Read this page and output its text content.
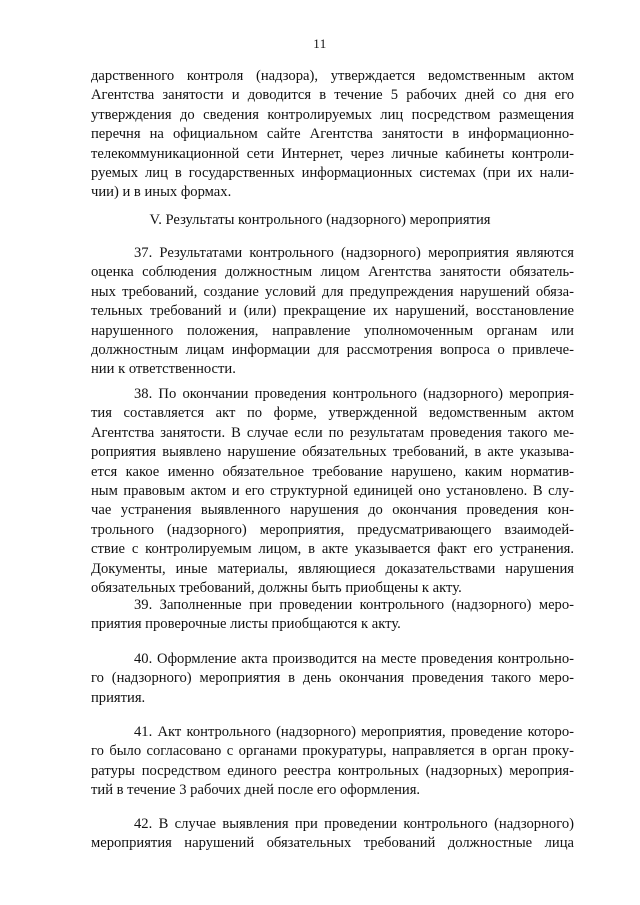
11
дарственного контроля (надзора), утверждается ведомственным актом
Агентства занятости и доводится в течение 5 рабочих дней со дня его
утверждения до сведения контролируемых лиц посредством размещения
перечня на официальном сайте Агентства занятости в информационно-
телекоммуникационной сети Интернет, через личные кабинеты контроли-
руемых лиц в государственных информационных системах (при их нали-
чии) и в иных формах.
V. Результаты контрольного (надзорного) мероприятия
37. Результатами контрольного (надзорного) мероприятия являются
оценка соблюдения должностным лицом Агентства занятости обязатель-
ных требований, создание условий для предупреждения нарушений обяза-
тельных требований и (или) прекращение их нарушений, восстановление
нарушенного положения, направление уполномоченным органам или
должностным лицам информации для рассмотрения вопроса о привлече-
нии к ответственности.
38. По окончании проведения контрольного (надзорного) мероприя-
тия составляется акт по форме, утвержденной ведомственным актом
Агентства занятости. В случае если по результатам проведения такого ме-
роприятия выявлено нарушение обязательных требований, в акте указыва-
ется какое именно обязательное требование нарушено, каким норматив-
ным правовым актом и его структурной единицей оно установлено. В слу-
чае устранения выявленного нарушения до окончания проведения кон-
трольного (надзорного) мероприятия, предусматривающего взаимодей-
ствие с контролируемым лицом, в акте указывается факт его устранения.
Документы, иные материалы, являющиеся доказательствами нарушения
обязательных требований, должны быть приобщены к акту.
39. Заполненные при проведении контрольного (надзорного) меро-
приятия проверочные листы приобщаются к акту.
40. Оформление акта производится на месте проведения контрольно-
го (надзорного) мероприятия в день окончания проведения такого меро-
приятия.
41. Акт контрольного (надзорного) мероприятия, проведение которо-
го было согласовано с органами прокуратуры, направляется в орган проку-
ратуры посредством единого реестра контрольных (надзорных) мероприя-
тий в течение 3 рабочих дней после его оформления.
42. В случае выявления при проведении контрольного (надзорного)
мероприятия нарушений обязательных требований должностные лица
